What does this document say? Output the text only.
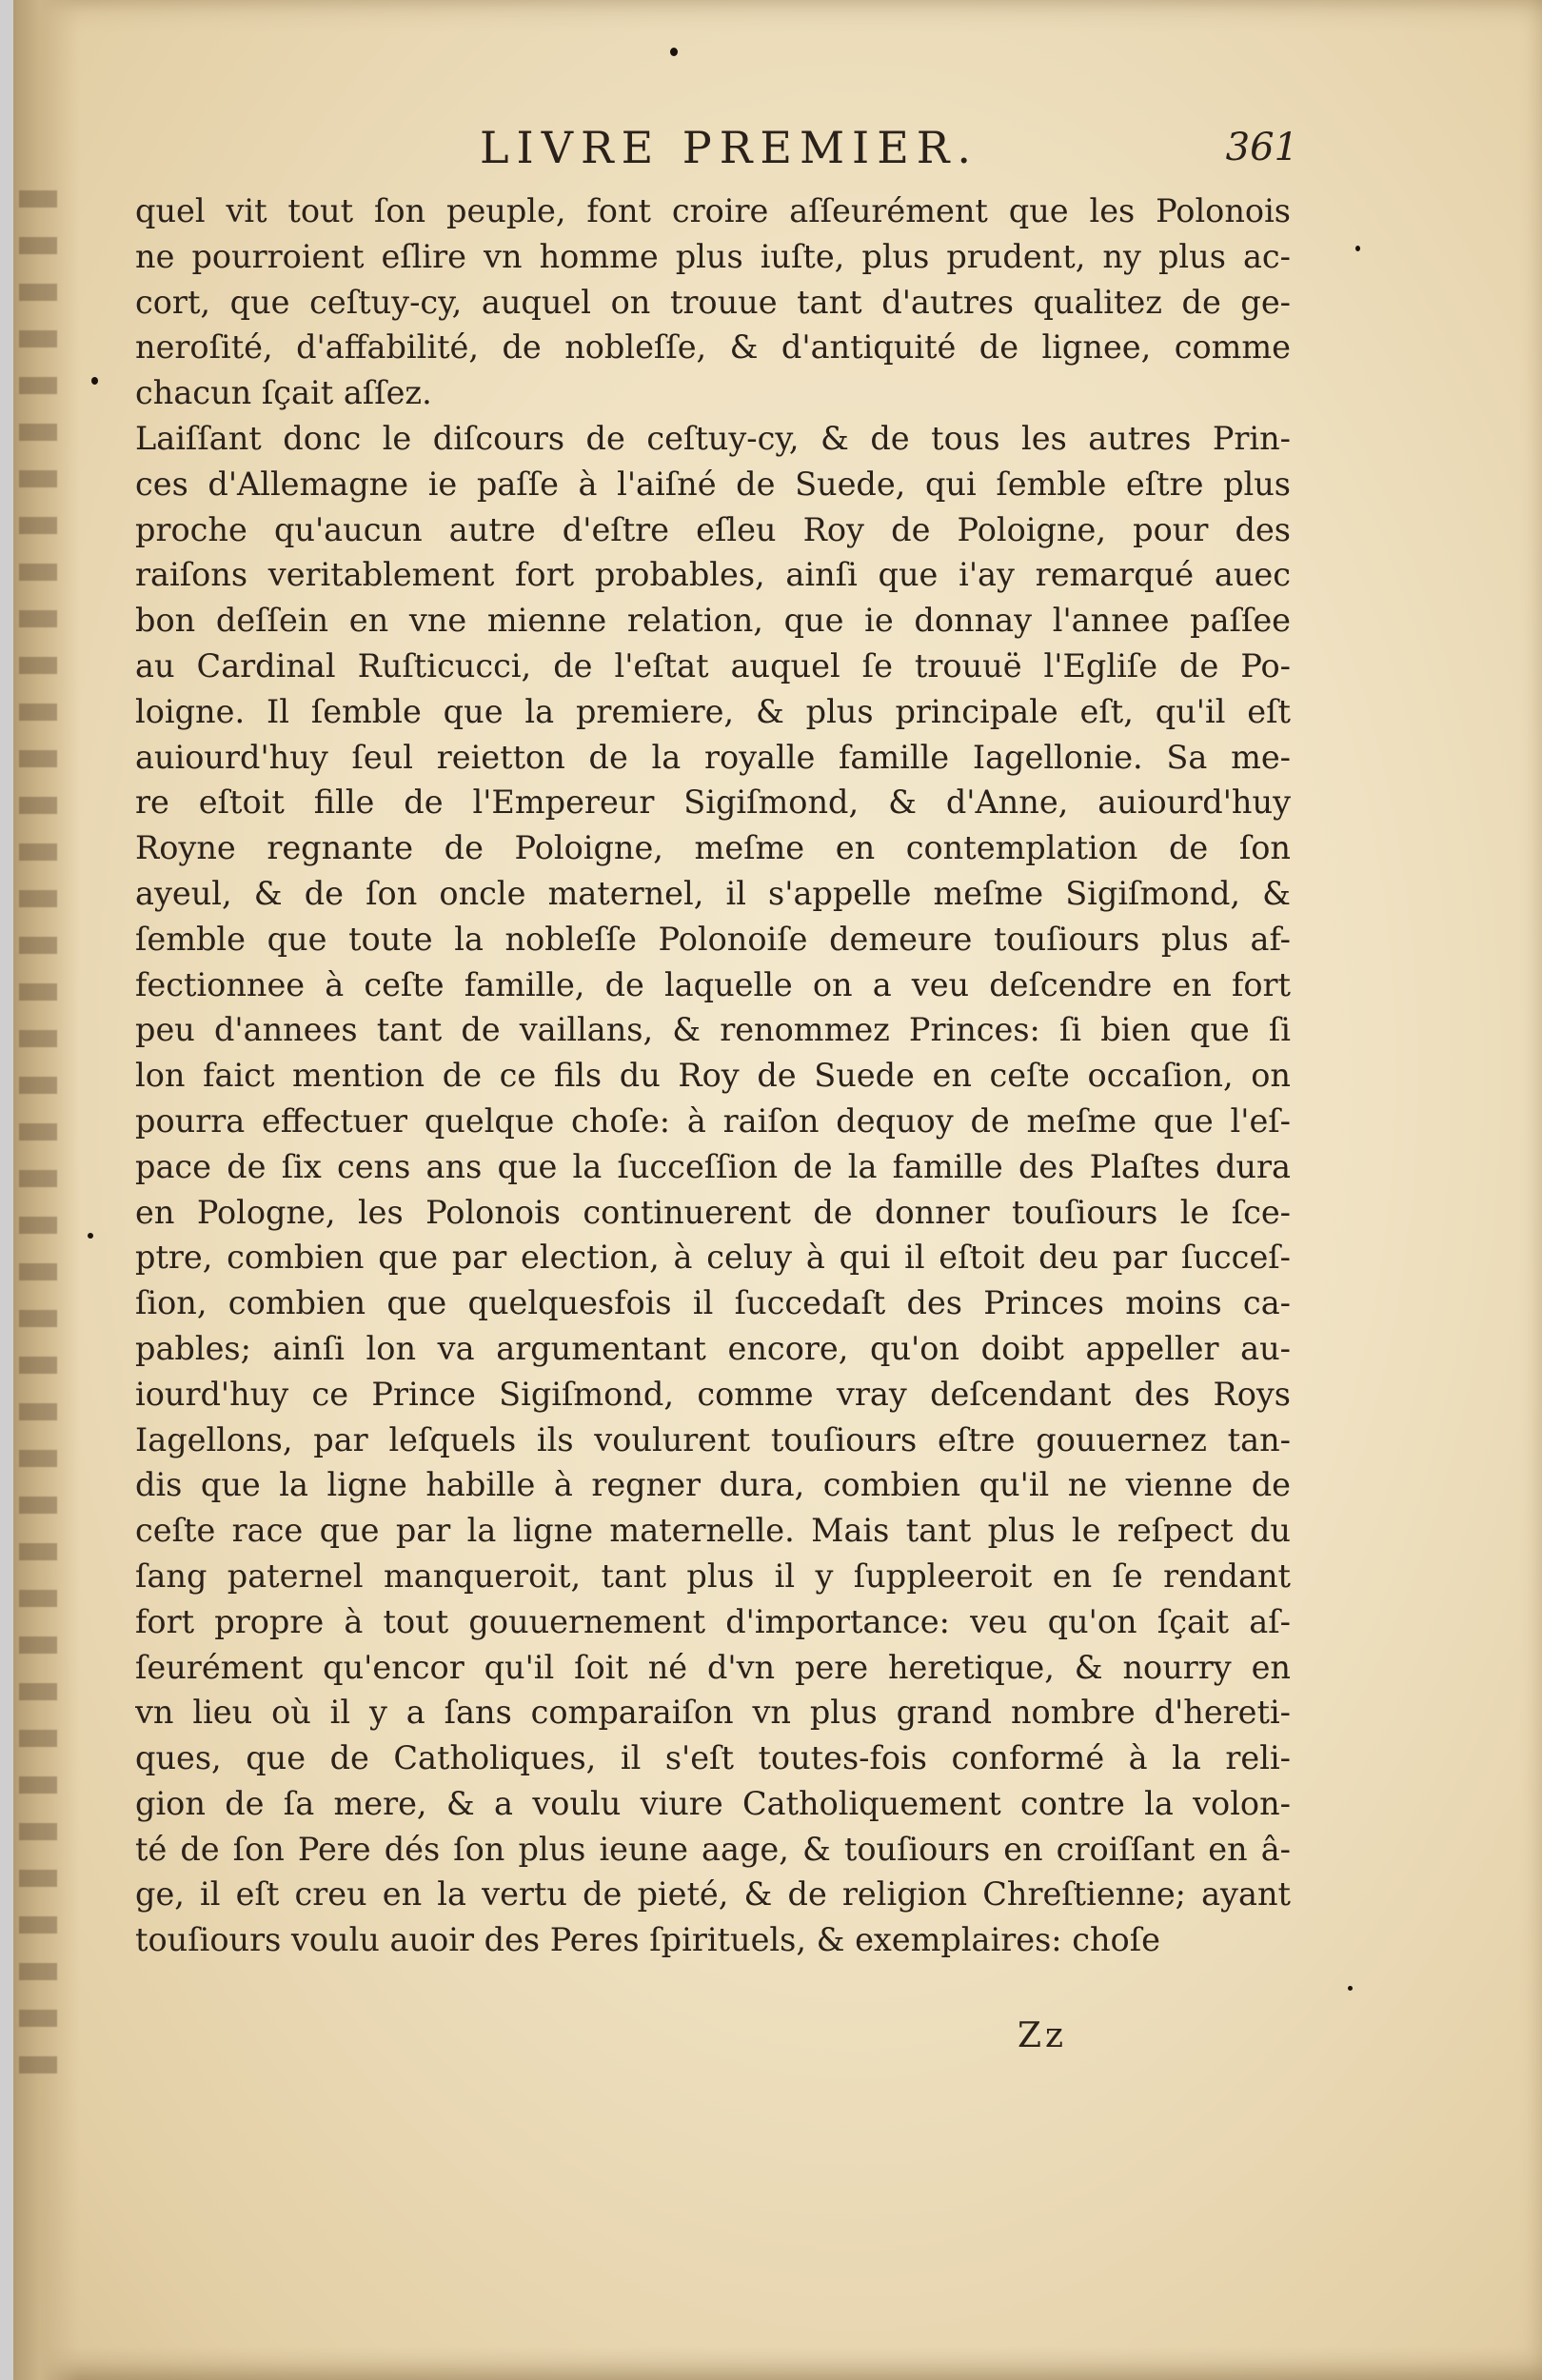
LIVRE PREMIER.	361
quel vit tout ſon peuple, font croire aſſeurément que les Polonois
ne pourroient eſlire vn homme plus iuſte, plus prudent, ny plus ac-
cort, que ceſtuy-cy, auquel on trouue tant d'autres qualitez de ge-
neroſité, d'affabilité, de nobleſſe, & d'antiquité de lignee, comme
chacun ſçait aſſez.
Laiſſant donc le diſcours de ceſtuy-cy, & de tous les autres Prin-
ces d'Allemagne ie paſſe à l'aiſné de Suede, qui ſemble eſtre plus
proche qu'aucun autre d'eſtre eſleu Roy de Poloigne, pour des
raiſons veritablement fort probables, ainſi que i'ay remarqué auec
bon deſſein en vne mienne relation, que ie donnay l'annee paſſee
au Cardinal Ruſticucci, de l'eſtat auquel ſe trouuë l'Egliſe de Po-
loigne. Il ſemble que la premiere, & plus principale eſt, qu'il eſt
auiourd'huy ſeul reietton de la royalle famille Iagellonie. Sa me-
re eſtoit fille de l'Empereur Sigiſmond, & d'Anne, auiourd'huy
Royne regnante de Poloigne, meſme en contemplation de ſon
ayeul, & de ſon oncle maternel, il s'appelle meſme Sigiſmond, &
ſemble que toute la nobleſſe Polonoiſe demeure touſiours plus af-
fectionnee à ceſte famille, de laquelle on a veu deſcendre en fort
peu d'annees tant de vaillans, & renommez Princes: ſi bien que ſi
lon faict mention de ce fils du Roy de Suede en ceſte occaſion, on
pourra effectuer quelque choſe: à raiſon dequoy de meſme que l'eſ-
pace de ſix cens ans que la ſucceſſion de la famille des Plaſtes dura
en Pologne, les Polonois continuerent de donner touſiours le ſce-
ptre, combien que par election, à celuy à qui il eſtoit deu par ſucceſ-
ſion, combien que quelquesfois il ſuccedaſt des Princes moins ca-
pables; ainſi lon va argumentant encore, qu'on doibt appeller au-
iourd'huy ce Prince Sigiſmond, comme vray deſcendant des Roys
Iagellons, par leſquels ils voulurent touſiours eſtre gouuernez tan-
dis que la ligne habille à regner dura, combien qu'il ne vienne de
ceſte race que par la ligne maternelle. Mais tant plus le reſpect du
ſang paternel manqueroit, tant plus il y ſuppleeroit en ſe rendant
fort propre à tout gouuernement d'importance: veu qu'on ſçait aſ-
ſeurément qu'encor qu'il ſoit né d'vn pere heretique, & nourry en
vn lieu où il y a ſans comparaiſon vn plus grand nombre d'hereti-
ques, que de Catholiques, il s'eſt toutes-fois conformé à la reli-
gion de ſa mere, & a voulu viure Catholiquement contre la volon-
té de ſon Pere dés ſon plus ieune aage, & touſiours en croiſſant en â-
ge, il eſt creu en la vertu de pieté, & de religion Chreſtienne; ayant
touſiours voulu auoir des Peres ſpirituels, & exemplaires: choſe
Zz
